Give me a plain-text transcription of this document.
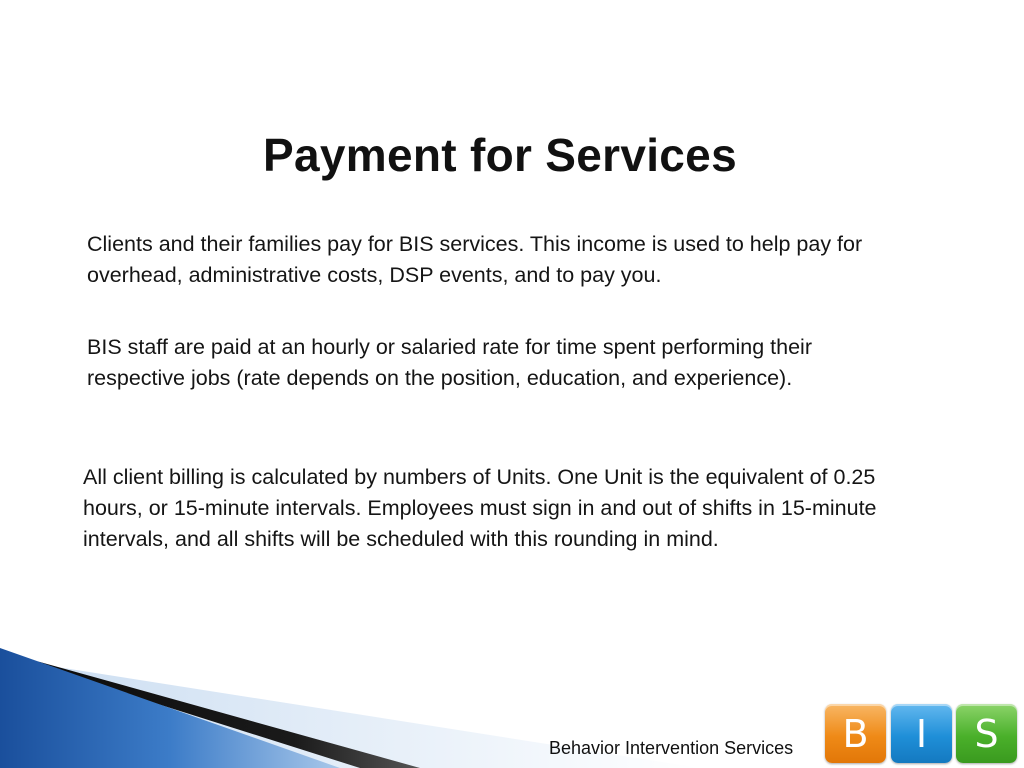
Payment for Services

Clients and their families pay for BIS services. This income is used to help pay for overhead, administrative costs, DSP events, and to pay you.

BIS staff are paid at an hourly or salaried rate for time spent performing their respective jobs (rate depends on the position, education, and experience).

All client billing is calculated by numbers of Units. One Unit is the equivalent of 0.25 hours, or 15-minute intervals. Employees must sign in and out of shifts in 15-minute intervals, and all shifts will be scheduled with this rounding in mind.

Behavior Intervention Services	B	I	S
